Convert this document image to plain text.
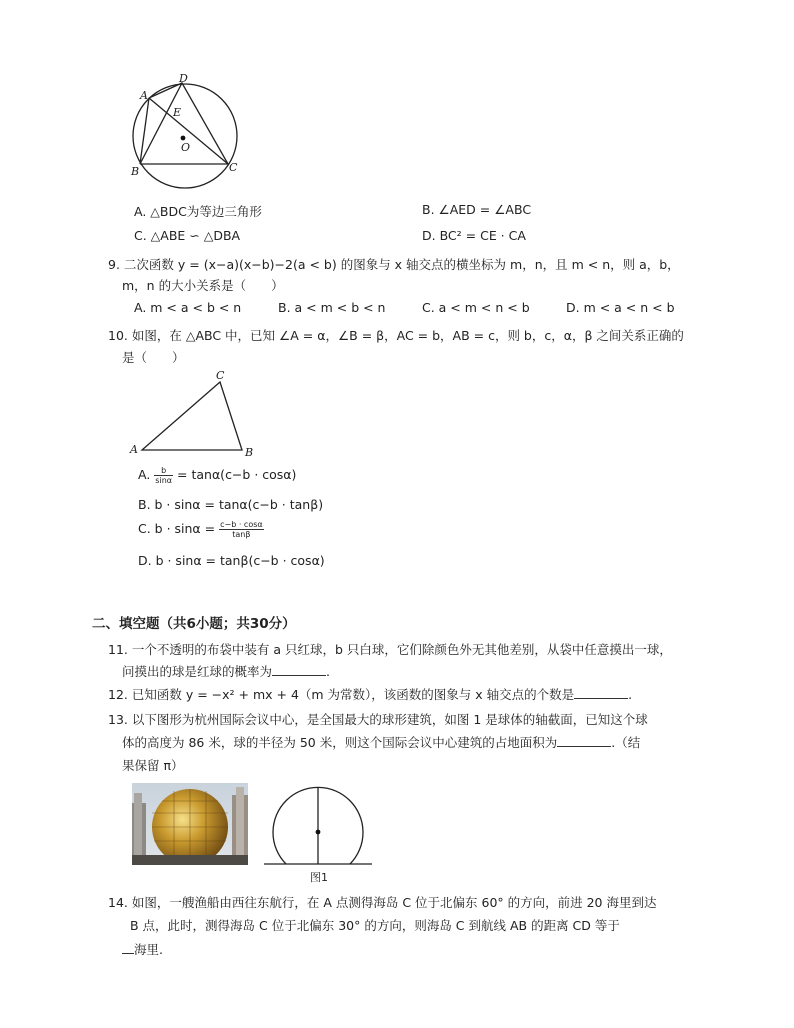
A
D
E
O
B	C
A. △BDC为等边三角形	B. ∠AED = ∠ABC
C. △ABE ∽ △DBA	D. BC² = CE · CA
9. 二次函数 y = (x−a)(x−b)−2(a < b) 的图象与 x 轴交点的横坐标为 m，n，且 m < n，则 a，b，
m，n 的大小关系是（　　）
A. m < a < b < n	B. a < m < b < n	C. a < m < n < b	D. m < a < n < b
10. 如图，在 △ABC 中，已知 ∠A = α，∠B = β，AC = b，AB = c，则 b，c，α，β 之间关系正确的
是（　　）
A	B
C
A. $\frac{b}{\sin\alpha} = \tan\alpha(c-b \cdot \cos\alpha)$
B. b · sinα = tanα(c−b · tanβ)
C. $b \cdot \sin\alpha = \frac{c-b \cdot \cos\alpha}{\tan\beta}$
D. b · sinα = tanβ(c−b · cosα)
二、填空题（共6小题；共30分）
11. 一个不透明的布袋中装有 a 只红球，b 只白球，它们除颜色外无其他差别，从袋中任意摸出一球，
问摸出的球是红球的概率为	.
12. 已知函数 y = −x² + mx + 4（m 为常数），该函数的图象与 x 轴交点的个数是	.
13. 以下图形为杭州国际会议中心，是全国最大的球形建筑，如图 1 是球体的轴截面，已知这个球
体的高度为 86 米，球的半径为 50 米，则这个国际会议中心建筑的占地面积为	.（结
果保留 π）
图1
14. 如图，一艘渔船由西往东航行，在 A 点测得海岛 C 位于北偏东 60° 的方向，前进 20 海里到达
B 点，此时，测得海岛 C 位于北偏东 30° 的方向，则海岛 C 到航线 AB 的距离 CD 等于
海里.
